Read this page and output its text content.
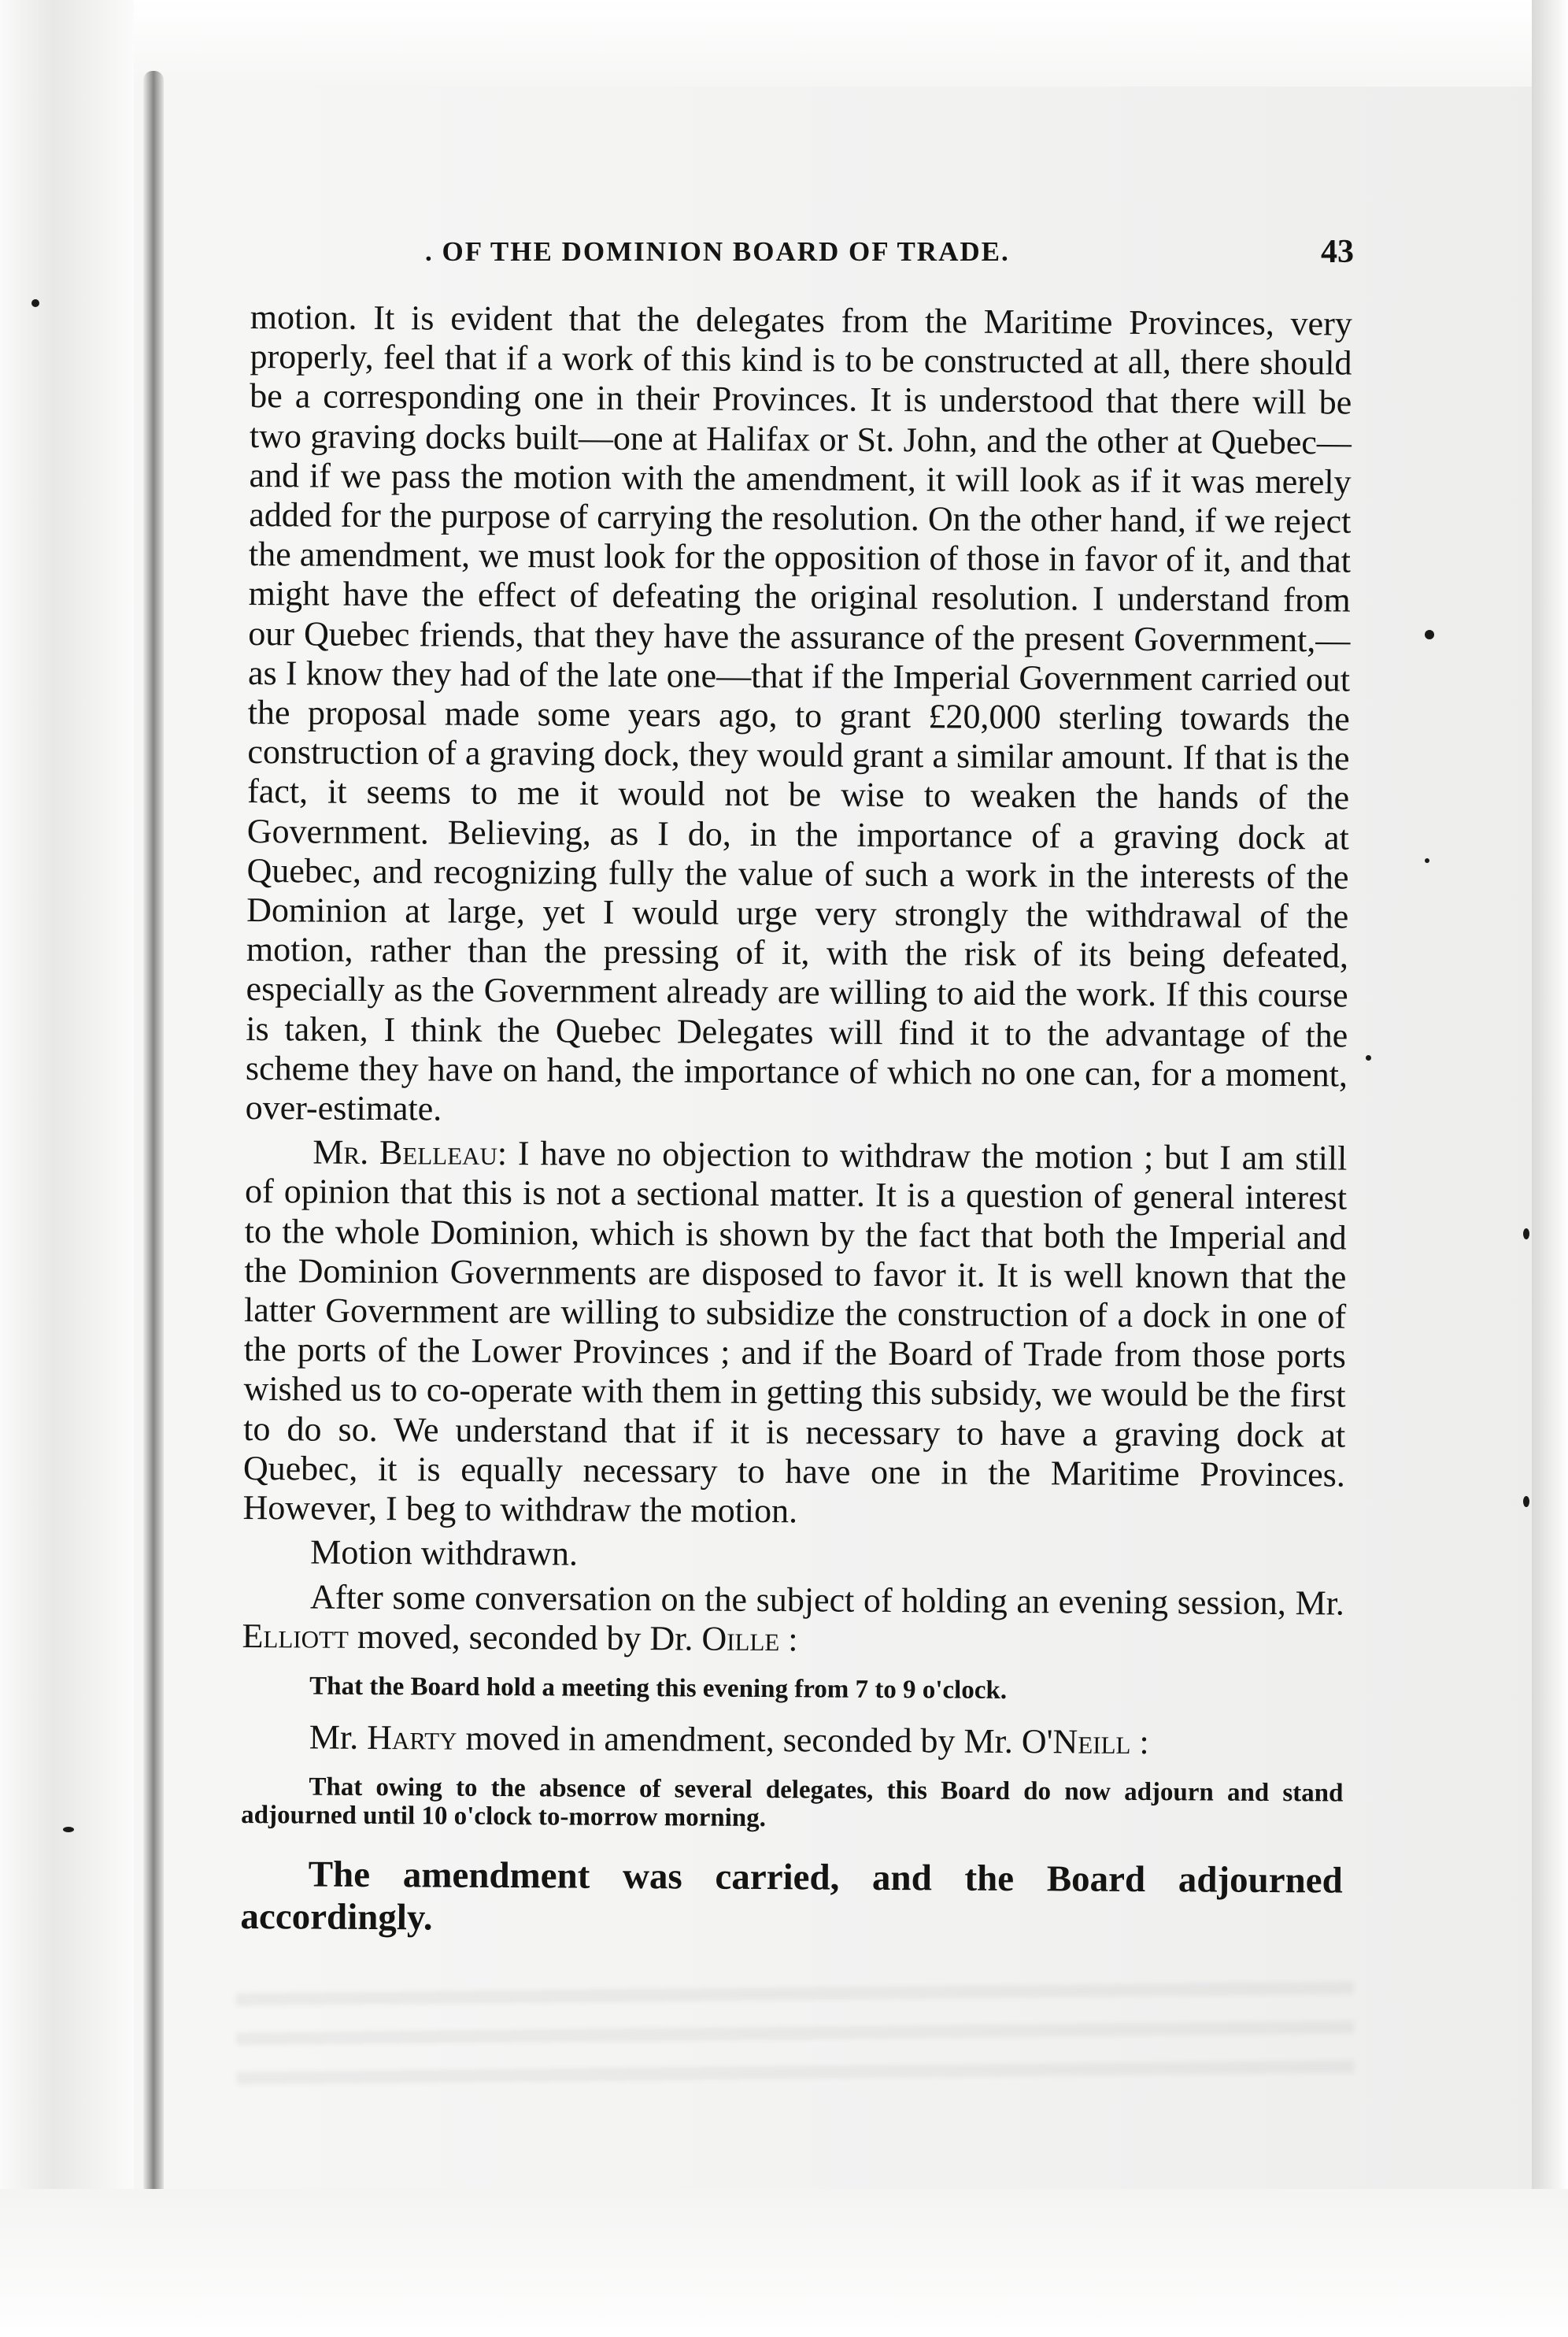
. OF THE DOMINION BOARD OF TRADE.	43

motion. It is evident that the delegates from the Maritime Provinces, very properly, feel that if a work of this kind is to be constructed at all, there should be a corresponding one in their Provinces. It is understood that there will be two graving docks built—one at Halifax or St. John, and the other at Quebec—and if we pass the motion with the amendment, it will look as if it was merely added for the purpose of carrying the resolution. On the other hand, if we reject the amendment, we must look for the opposition of those in favor of it, and that might have the effect of defeating the original resolution. I understand from our Quebec friends, that they have the assurance of the present Government,—as I know they had of the late one—that if the Imperial Government carried out the proposal made some years ago, to grant £20,000 sterling towards the construction of a graving dock, they would grant a similar amount. If that is the fact, it seems to me it would not be wise to weaken the hands of the Government. Believing, as I do, in the importance of a graving dock at Quebec, and recognizing fully the value of such a work in the interests of the Dominion at large, yet I would urge very strongly the withdrawal of the motion, rather than the pressing of it, with the risk of its being defeated, especially as the Government already are willing to aid the work. If this course is taken, I think the Quebec Delegates will find it to the advantage of the scheme they have on hand, the importance of which no one can, for a moment, over-estimate.

Mr. Belleau: I have no objection to withdraw the motion ; but I am still of opinion that this is not a sectional matter. It is a question of general interest to the whole Dominion, which is shown by the fact that both the Imperial and the Dominion Governments are disposed to favor it. It is well known that the latter Government are willing to subsidize the construction of a dock in one of the ports of the Lower Provinces ; and if the Board of Trade from those ports wished us to co-operate with them in getting this subsidy, we would be the first to do so. We understand that if it is necessary to have a graving dock at Quebec, it is equally necessary to have one in the Maritime Provinces. However, I beg to withdraw the motion.

Motion withdrawn.

After some conversation on the subject of holding an evening session, Mr. Elliott moved, seconded by Dr. Oille :

That the Board hold a meeting this evening from 7 to 9 o'clock.

Mr. Harty moved in amendment, seconded by Mr. O'Neill :

That owing to the absence of several delegates, this Board do now adjourn and stand adjourned until 10 o'clock to-morrow morning.

The amendment was carried, and the Board adjourned accordingly.
